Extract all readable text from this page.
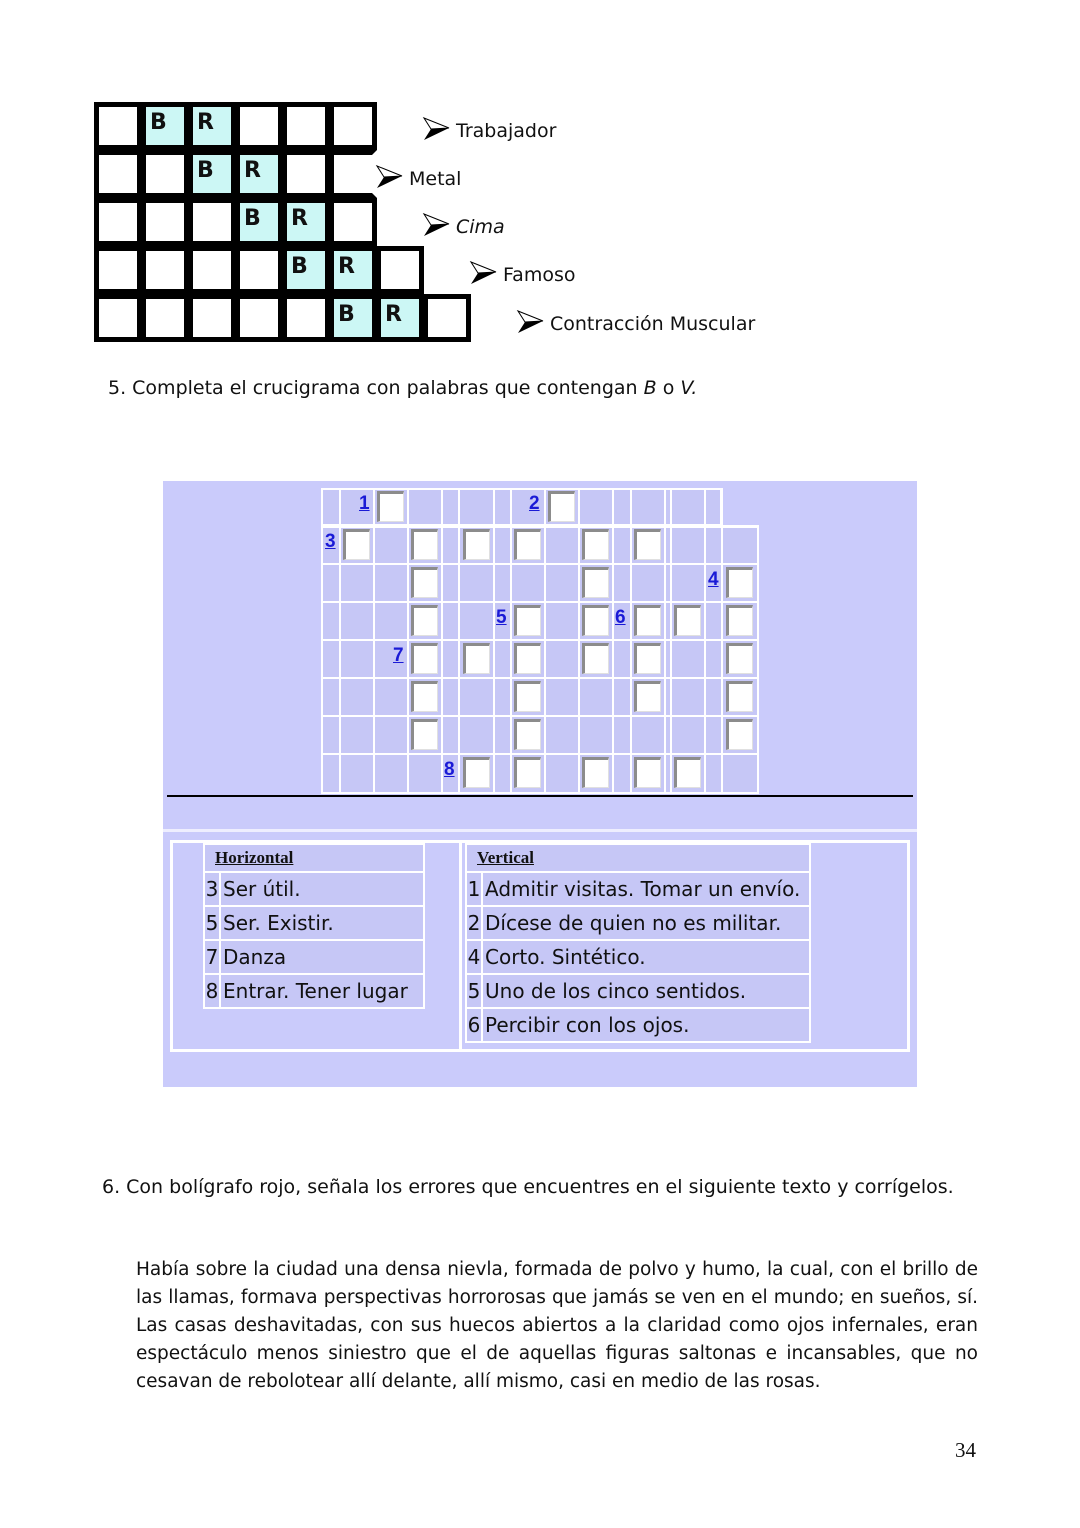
B R
B R
B R
B R
B R
Trabajador
Metal
Cima
Famoso
Contracción Muscular
5. Completa el crucigrama con palabras que contengan B o V.
1	2
3
4
5	6
7
8
Horizontal	
3	Ser útil.
5	Ser. Existir.
7	Danza
8	Entrar. Tener lugar
Vertical	
1	Admitir visitas. Tomar un envío.
2	Dícese de quien no es militar.
4	Corto. Sintético.
5	Uno de los cinco sentidos.
6	Percibir con los ojos.
6. Con bolígrafo rojo, señala los errores que encuentres en el siguiente texto y corrígelos.
Había sobre la ciudad una densa nievla, formada de polvo y humo, la cual, con el brillo de las llamas, formava perspectivas horrorosas que jamás se ven en el mundo; en sueños, sí. Las casas deshavitadas, con sus huecos abiertos a la claridad como ojos infernales, eran espectáculo menos siniestro que el de aquellas figuras saltonas e incansables, que no cesavan de rebolotear allí delante, allí mismo, casi en medio de las rosas.
34
